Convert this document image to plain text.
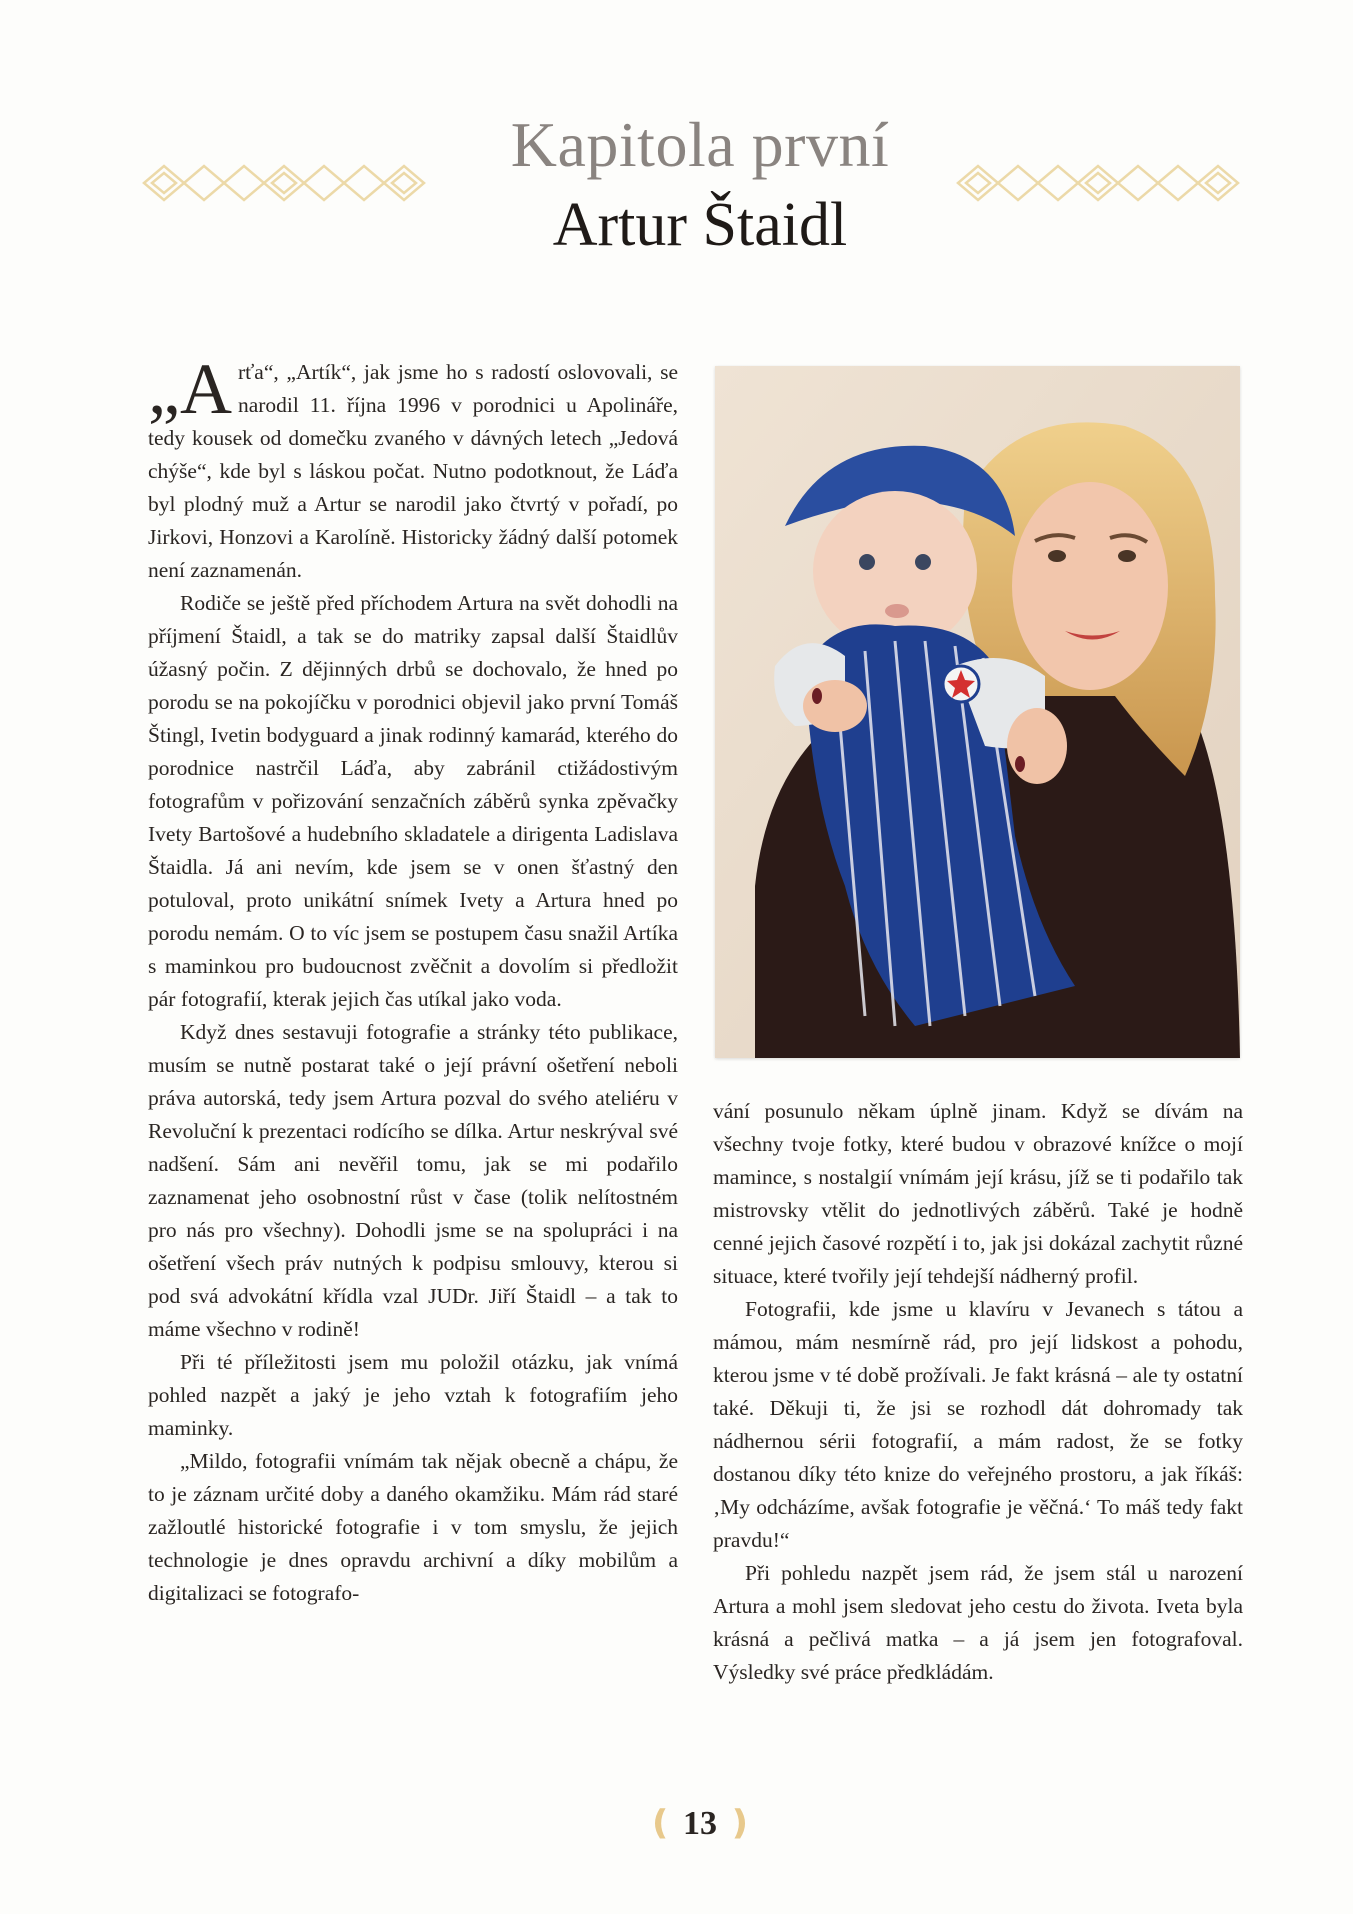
Kapitola první
Artur Štaidl

„Arťa“, „Artík“, jak jsme ho s radostí oslovovali, se narodil 11. října 1996 v porodnici u Apolináře, tedy kousek od domečku zvaného v dávných letech „Jedová chýše“, kde byl s láskou počat. Nutno podotknout, že Láďa byl plodný muž a Artur se narodil jako čtvrtý v pořadí, po Jirkovi, Honzovi a Karolíně. Historicky žádný další potomek není zaznamenán.

Rodiče se ještě před příchodem Artura na svět dohodli na příjmení Štaidl, a tak se do matriky zapsal další Štaidlův úžasný počin. Z dějinných drbů se dochovalo, že hned po porodu se na pokojíčku v porodnici objevil jako první Tomáš Štingl, Ivetin bodyguard a jinak rodinný kamarád, kterého do porodnice nastrčil Láďa, aby zabránil ctižádostivým fotografům v pořizování senzačních záběrů synka zpěvačky Ivety Bartošové a hudebního skladatele a dirigenta Ladislava Štaidla. Já ani nevím, kde jsem se v onen šťastný den potuloval, proto unikátní snímek Ivety a Artura hned po porodu nemám. O to víc jsem se postupem času snažil Artíka s maminkou pro budoucnost zvěčnit a dovolím si předložit pár fotografií, kterak jejich čas utíkal jako voda.

Když dnes sestavuji fotografie a stránky této publikace, musím se nutně postarat také o její právní ošetření neboli práva autorská, tedy jsem Artura pozval do svého ateliéru v Revoluční k prezentaci rodícího se dílka. Artur neskrýval své nadšení. Sám ani nevěřil tomu, jak se mi podařilo zaznamenat jeho osobnostní růst v čase (tolik nelítostném pro nás pro všechny). Dohodli jsme se na spolupráci i na ošetření všech práv nutných k podpisu smlouvy, kterou si pod svá advokátní křídla vzal JUDr. Jiří Štaidl – a tak to máme všechno v rodině!

Při té příležitosti jsem mu položil otázku, jak vnímá pohled nazpět a jaký je jeho vztah k fotografiím jeho maminky.

„Mildo, fotografii vnímám tak nějak obecně a chápu, že to je záznam určité doby a daného okamžiku. Mám rád staré zažloutlé historické fotografie i v tom smyslu, že jejich technologie je dnes opravdu archivní a díky mobilům a digitalizaci se fotografo-

vání posunulo někam úplně jinam. Když se dívám na všechny tvoje fotky, které budou v obrazové knížce o mojí mamince, s nostalgií vnímám její krásu, jíž se ti podařilo tak mistrovsky vtělit do jednotlivých záběrů. Také je hodně cenné jejich časové rozpětí i to, jak jsi dokázal zachytit různé situace, které tvořily její tehdejší nádherný profil.

Fotografii, kde jsme u klavíru v Jevanech s tátou a mámou, mám nesmírně rád, pro její lidskost a pohodu, kterou jsme v té době prožívali. Je fakt krásná – ale ty ostatní také. Děkuji ti, že jsi se rozhodl dát dohromady tak nádhernou sérii fotografií, a mám radost, že se fotky dostanou díky této knize do veřejného prostoru, a jak říkáš: ‚My odcházíme, avšak fotografie je věčná.‘ To máš tedy fakt pravdu!“

Při pohledu nazpět jsem rád, že jsem stál u narození Artura a mohl jsem sledovat jeho cestu do života. Iveta byla krásná a pečlivá matka – a já jsem jen fotografoval. Výsledky své práce předkládám.

❪ 13 ❫
